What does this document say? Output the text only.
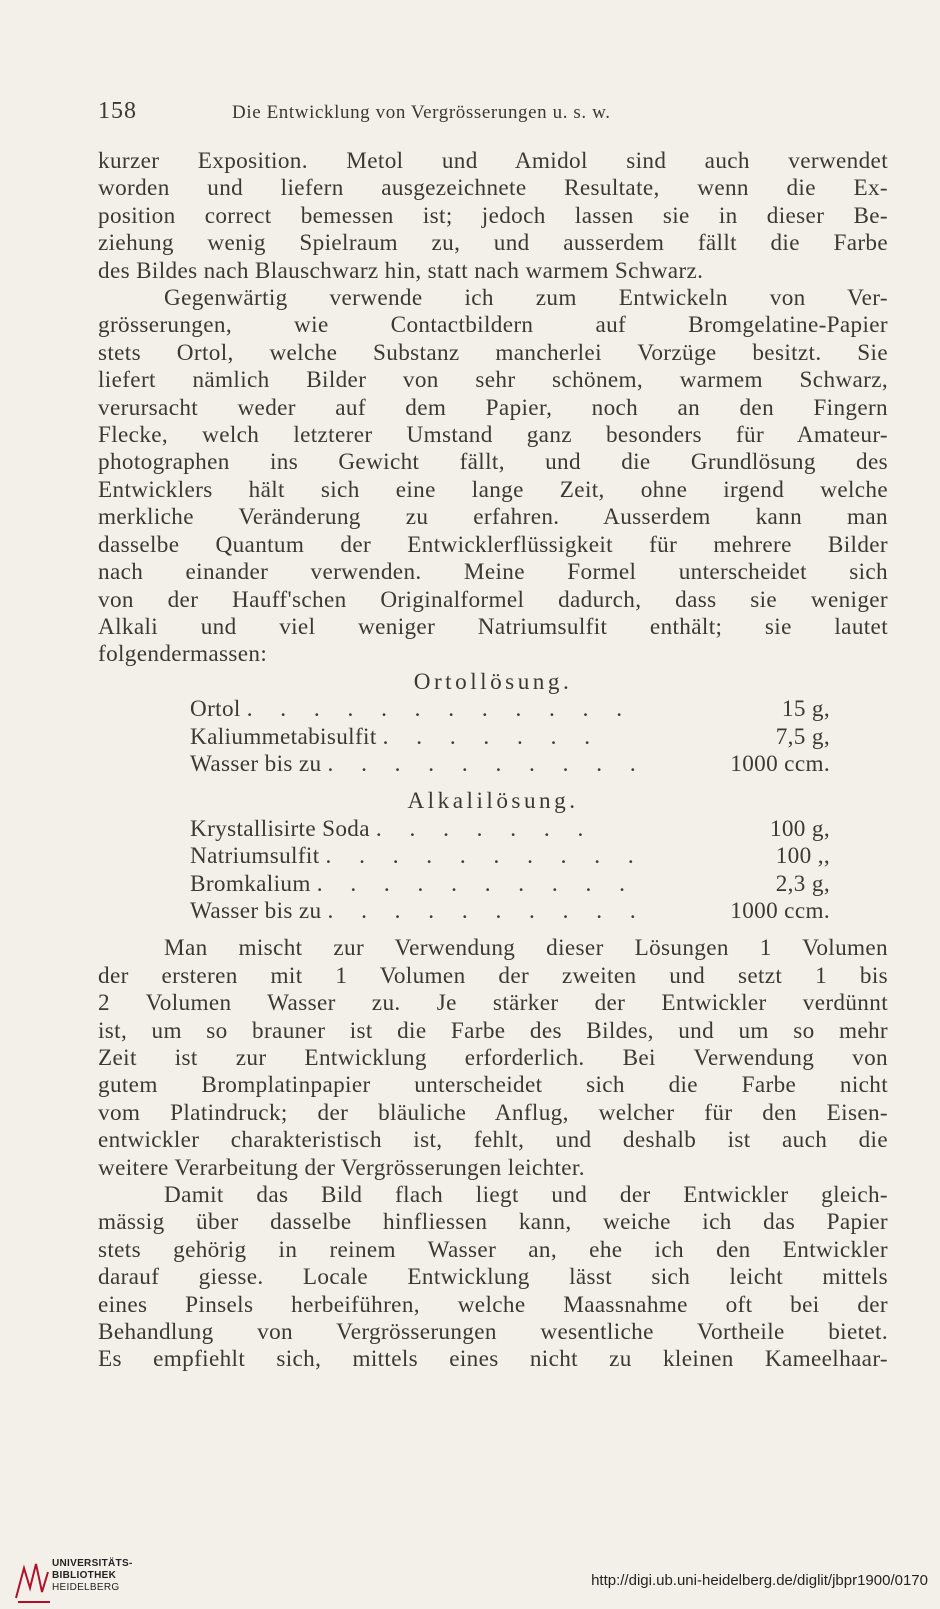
158	Die Entwicklung von Vergrösserungen u. s. w.

kurzer Exposition. Metol und Amidol sind auch verwendet
worden und liefern ausgezeichnete Resultate, wenn die Ex-
position correct bemessen ist; jedoch lassen sie in dieser Be-
ziehung wenig Spielraum zu, und ausserdem fällt die Farbe
des Bildes nach Blauschwarz hin, statt nach warmem Schwarz.

Gegenwärtig verwende ich zum Entwickeln von Ver-
grösserungen, wie Contactbildern auf Bromgelatine-Papier
stets Ortol, welche Substanz mancherlei Vorzüge besitzt. Sie
liefert nämlich Bilder von sehr schönem, warmem Schwarz,
verursacht weder auf dem Papier, noch an den Fingern
Flecke, welch letzterer Umstand ganz besonders für Amateur-
photographen ins Gewicht fällt, und die Grundlösung des
Entwicklers hält sich eine lange Zeit, ohne irgend welche
merkliche Veränderung zu erfahren. Ausserdem kann man
dasselbe Quantum der Entwicklerflüssigkeit für mehrere Bilder
nach einander verwenden. Meine Formel unterscheidet sich
von der Hauff'schen Originalformel dadurch, dass sie weniger
Alkali und viel weniger Natriumsulfit enthält; sie lautet
folgendermassen:

Ortollösung.
Ortol . . . . . . . . . . . .	15 g,
Kaliummetabisulfit . . . . . . .	7,5 g,
Wasser bis zu . . . . . . . . . .	1000 ccm.
Alkalilösung.
Krystallisirte Soda . . . . . . .	100 g,
Natriumsulfit . . . . . . . . . .	100 ,,
Bromkalium . . . . . . . . . .	2,3 g,
Wasser bis zu . . . . . . . . . .	1000 ccm.

Man mischt zur Verwendung dieser Lösungen 1 Volumen
der ersteren mit 1 Volumen der zweiten und setzt 1 bis
2 Volumen Wasser zu. Je stärker der Entwickler verdünnt
ist, um so brauner ist die Farbe des Bildes, und um so mehr
Zeit ist zur Entwicklung erforderlich. Bei Verwendung von
gutem Bromplatinpapier unterscheidet sich die Farbe nicht
vom Platindruck; der bläuliche Anflug, welcher für den Eisen-
entwickler charakteristisch ist, fehlt, und deshalb ist auch die
weitere Verarbeitung der Vergrösserungen leichter.

Damit das Bild flach liegt und der Entwickler gleich-
mässig über dasselbe hinfliessen kann, weiche ich das Papier
stets gehörig in reinem Wasser an, ehe ich den Entwickler
darauf giesse. Locale Entwicklung lässt sich leicht mittels
eines Pinsels herbeiführen, welche Maassnahme oft bei der
Behandlung von Vergrösserungen wesentliche Vortheile bietet.
Es empfiehlt sich, mittels eines nicht zu kleinen Kameelhaar-

UNIVERSITÄTS-
BIBLIOTHEK
HEIDELBERG	http://digi.ub.uni-heidelberg.de/diglit/jbpr1900/0170
